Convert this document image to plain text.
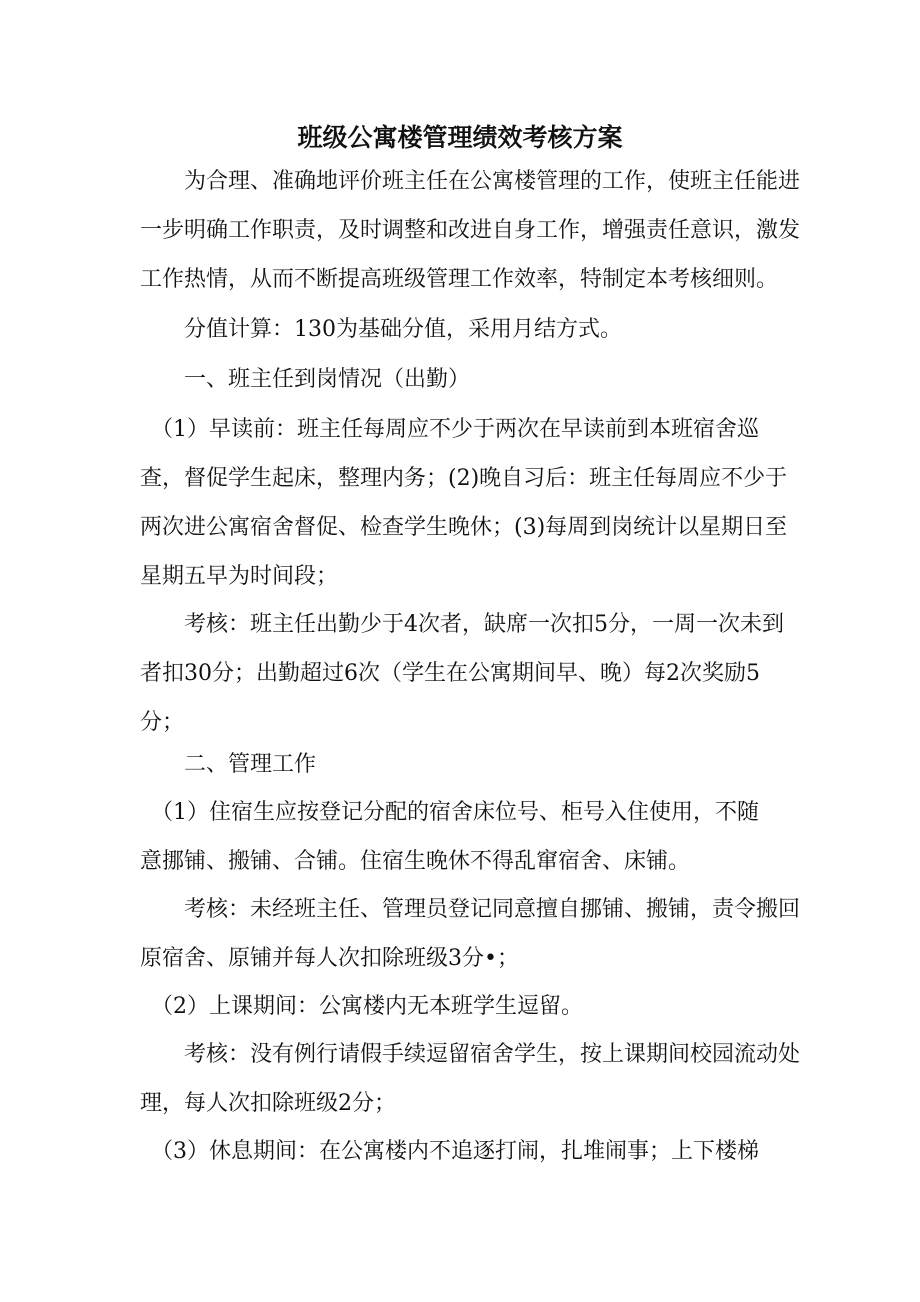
班级公寓楼管理绩效考核方案

　　为合理、准确地评价班主任在公寓楼管理的工作，使班主任能进
一步明确工作职责，及时调整和改进自身工作，增强责任意识，激发
工作热情，从而不断提高班级管理工作效率，特制定本考核细则。

　　分值计算：130为基础分值，采用月结方式。

　　一、班主任到岗情况（出勤）

　（1）早读前：班主任每周应不少于两次在早读前到本班宿舍巡
查，督促学生起床，整理内务；(2)晚自习后：班主任每周应不少于
两次进公寓宿舍督促、检查学生晚休；(3)每周到岗统计以星期日至
星期五早为时间段；

　　考核：班主任出勤少于4次者，缺席一次扣5分，一周一次未到
者扣30分；出勤超过6次（学生在公寓期间早、晚）每2次奖励5
分；

　　二、管理工作

　（1）住宿生应按登记分配的宿舍床位号、柜号入住使用，不随
意挪铺、搬铺、合铺。住宿生晚休不得乱窜宿舍、床铺。

　　考核：未经班主任、管理员登记同意擅自挪铺、搬铺，责令搬回
原宿舍、原铺并每人次扣除班级3分•；

　（2）上课期间：公寓楼内无本班学生逗留。

　　考核：没有例行请假手续逗留宿舍学生，按上课期间校园流动处
理，每人次扣除班级2分；

　（3）休息期间：在公寓楼内不追逐打闹，扎堆闹事；上下楼梯
